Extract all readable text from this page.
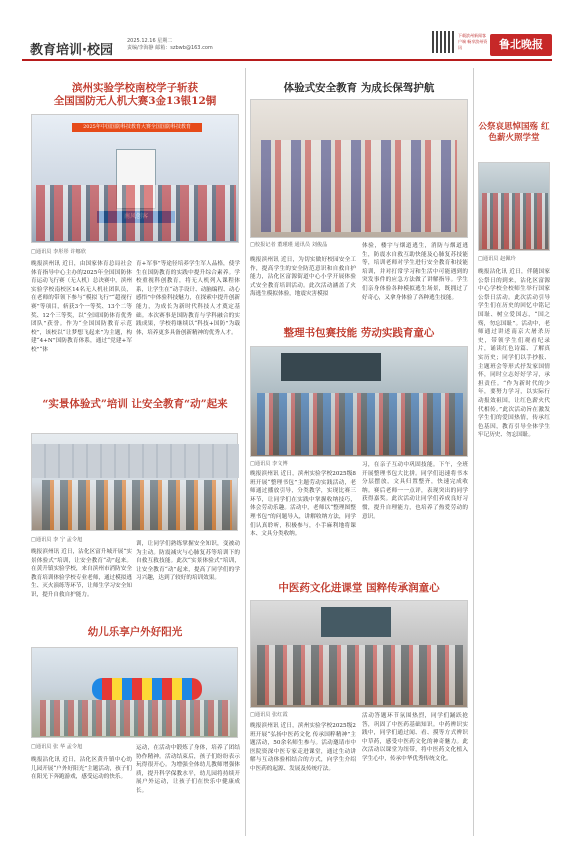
教育培训·校园
2025.12.16 星期二
责编/李海静 邮箱：szbwb@163.com
下载滨州新闻客户端 畅享滨州资讯	鲁北晚报 09
滨州实验学校南校学子斩获
全国国防无人机大赛3金13银12铜
2025年中国国防科技教育大赛全国国防科技教育
□通讯员 李彤彤 许娜欣
晚报滨州讯 近日，由国家体育总局社会体育指导中心主办的2025年全国国防体育运动飞行赛（无人机）总决赛中，滨州实验学校南校区14名无人机社团队员，在老师的带领下参与“模拟飞行”“超视行赛”等项目，斩获3个一等奖、13个二等奖、12个三等奖，以“全国国防体育优秀团队”获誉。作为“全国国防教育示范校”，该校以“让梦想飞起来”为主题，构建“4+N”国防教育体系，通过“党建+军校”“体
育+军事”等途径培养学生军人品格，使学生在国防教育的实践中提升综合素养。学校重视科创教育，将无人机列入课程体系，让学生在“动手设计、动脑编程、动心感悟”中体验科技魅力，在探索中提升创新能力，为成长为新时代科技人才奠定基础。本次赛事是国防教育与学科融合的实践成果，学校将继续以“科技+国防”为载体，培养更多具备创新精神的优秀人才。
“实景体验式”培训 让安全教育“动”起来
□通讯员 李 宁 孟令旭
晚报滨州讯 近日，沾化区富升城开展“实景体验式”培训，让安全教育“动”起来。在黄升镇实验学校，来自滨州市消防安全教育培训体验学校专业老师，通过模拟逃生、灭火演练等环节，让师生学习安全知识，提升自救自护能力。
训，让同学们熟练掌握安全知识，变被动为主动。防震减灾与心肺复苏等培训下的自救互救技能。此次“实景体验式”培训，让安全教育“动”起来，提高了同学们的学习兴趣，达到了较好的培训效果。
幼儿乐享户外好阳光
□通讯员 张 华 孟令旭
晚报沾化讯 近日，沾化区黄升镇中心幼儿园开展“户外好阳光”主题活动，孩子们在阳光下奔跑游戏，感受运动的快乐。
运动，在活动中锻炼了身体，培养了团结协作精神。活动结束后，孩子们纷纷表示玩得很开心。为增强全体幼儿教师增强体质，提升科学保教水平，幼儿园将持续开展户外运动，让孩子们在快乐中健康成长。
体验式安全教育 为成长保驾护航
□校报记者 董瑾瑾 通讯员 刘俊晶
晚报滨州讯 近日，为切实做好校园安全工作，提高学生的安全防范意识和自救自护能力，沾化区富源街道中心小学开展体验式安全教育培训活动。此次活动涵盖了火海逃生模拟体验，地震灾害模拟
体验，楼宇与烟道逃生，消防与烟道逃生，防震水自救互助快能及心肺复苏技能等，培训老师对学生进行安全教育和技能培训，并对打常学习和生活中可能遇到的突发事件的应急方法做了讲解指导。学生们亲身体验各种模拟逃生场景，既拥过了好奇心，又拿身体验了各种逃生技能。
整理书包赛技能 劳动实践育童心
□通讯员 李文博
晚报滨州讯 近日，滨州实验学校2025级8班开展“整理书包”主题劳动实践活动，老师通过播放引导，分类教学，实现比赛三环节，让同学们在实践中掌握收纳技巧，体会劳动乐趣。活动中，老师以“整理图整理书包”的问题导入，讲解收纳方法，同学们认真聆听，积极参与，小手麻利地将课本、文具分类收纳。
习，在亲子互动中巩固技能。下午，全班开展整理书包大比拼。同学们迅速将书本分层摆放，文具归置整齐，快速完成收纳。赛后老师一一点评，表现突出的同学获得嘉奖。此次活动让同学们养成良好习惯，提升自理能力，也培养了热爱劳动的意识。
中医药文化进课堂 国粹传承润童心
□通讯员 张红霞
晚报滨州讯 近日，滨州实验学校2025级2班开展“弘扬中医药文化 传承国粹精神”主题活动，50余名师生参与。活动邀请市中医院资深中医专家走进课堂，通过生动讲解与互动体验相结合的方式，向学生介绍中医药的起源、发展及传统疗法。
活动答题环节氛围热烈，同学们踊跃抢答，巩固了中医药基础知识。中药辨识实践中，同学们通过闻、看、摸等方式辨识中草药，感受中医药文化的神奇魅力。此次活动以课堂为纽带，将中医药文化植入学生心中，传承中华优秀传统文化。
公祭哀思悼国殇 红色薪火照学堂
□通讯员 赵佩玲
晚报沾化讯 近日，伴随国家公祭日的到来，沾化区富源中心学校全校师生举行国家公祭日活动。此次活动引导学生们在历史的回忆中铭记国耻、树立爱国志，“国之殇，勿忘国耻”。活动中，老师通过讲述南京大屠杀历史，带领学生们观看纪录片，诵读红色诗篇、了解真实历史；同学们以手抄报、主题班会等形式抒发家国情怀，同时立志好好学习，承担责任。“作为新时代的少年，要努力学习，以实际行动报效祖国，让红色薪火代代相传。”此次活动旨在激发学生们的爱国热情，传承红色基因，教育引导全体学生牢记历史、勿忘国耻。
